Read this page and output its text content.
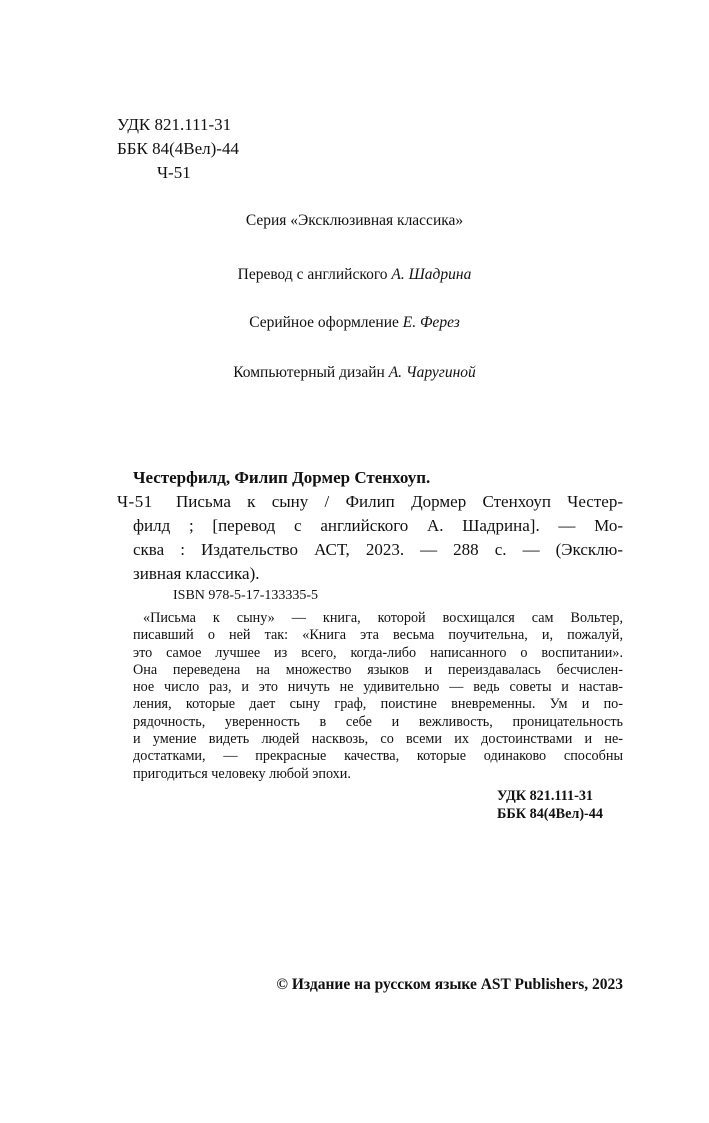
УДК 821.111-31
ББК 84(4Вел)-44
Ч-51
Серия «Эксклюзивная классика»
Перевод с английского А. Шадрина
Серийное оформление Е. Ферез
Компьютерный дизайн А. Чаругиной
Честерфилд, Филип Дормер Стенхоуп.
Ч-51 Письма к сыну / Филип Дормер Стенхоуп Честер-
филд ; [перевод с английского А. Шадрина]. — Мо-
сква : Издательство АСТ, 2023. — 288 с. — (Эксклю-
зивная классика).
ISBN 978-5-17-133335-5
«Письма к сыну» — книга, которой восхищался сам Вольтер,
писавший о ней так: «Книга эта весьма поучительна, и, пожалуй,
это самое лучшее из всего, когда-либо написанного о воспитании».
Она переведена на множество языков и переиздавалась бесчислен-
ное число раз, и это ничуть не удивительно — ведь советы и настав-
ления, которые дает сыну граф, поистине вневременны. Ум и по-
рядочность, уверенность в себе и вежливость, проницательность
и умение видеть людей насквозь, со всеми их достоинствами и не-
достатками, — прекрасные качества, которые одинаково способны
пригодиться человеку любой эпохи.
УДК 821.111-31
ББК 84(4Вел)-44
© Издание на русском языке AST Publishers, 2023
